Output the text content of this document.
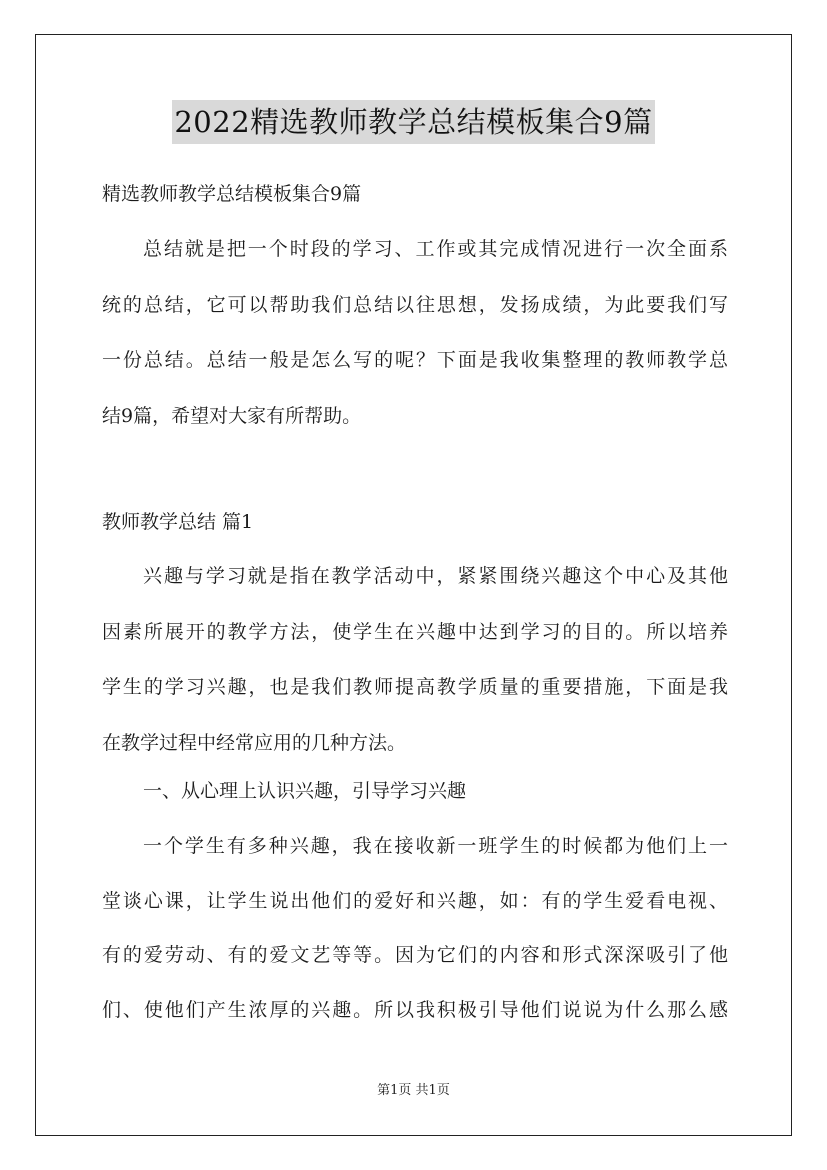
2022精选教师教学总结模板集合9篇
精选教师教学总结模板集合9篇
总结就是把一个时段的学习、工作或其完成情况进行一次全面系
统的总结，它可以帮助我们总结以往思想，发扬成绩，为此要我们写
一份总结。总结一般是怎么写的呢？下面是我收集整理的教师教学总
结9篇，希望对大家有所帮助。
教师教学总结 篇1
兴趣与学习就是指在教学活动中，紧紧围绕兴趣这个中心及其他
因素所展开的教学方法，使学生在兴趣中达到学习的目的。所以培养
学生的学习兴趣，也是我们教师提高教学质量的重要措施，下面是我
在教学过程中经常应用的几种方法。
一、从心理上认识兴趣，引导学习兴趣
一个学生有多种兴趣，我在接收新一班学生的时候都为他们上一
堂谈心课，让学生说出他们的爱好和兴趣，如：有的学生爱看电视、
有的爱劳动、有的爱文艺等等。因为它们的内容和形式深深吸引了他
们、使他们产生浓厚的兴趣。所以我积极引导他们说说为什么那么感
第1页 共1页
